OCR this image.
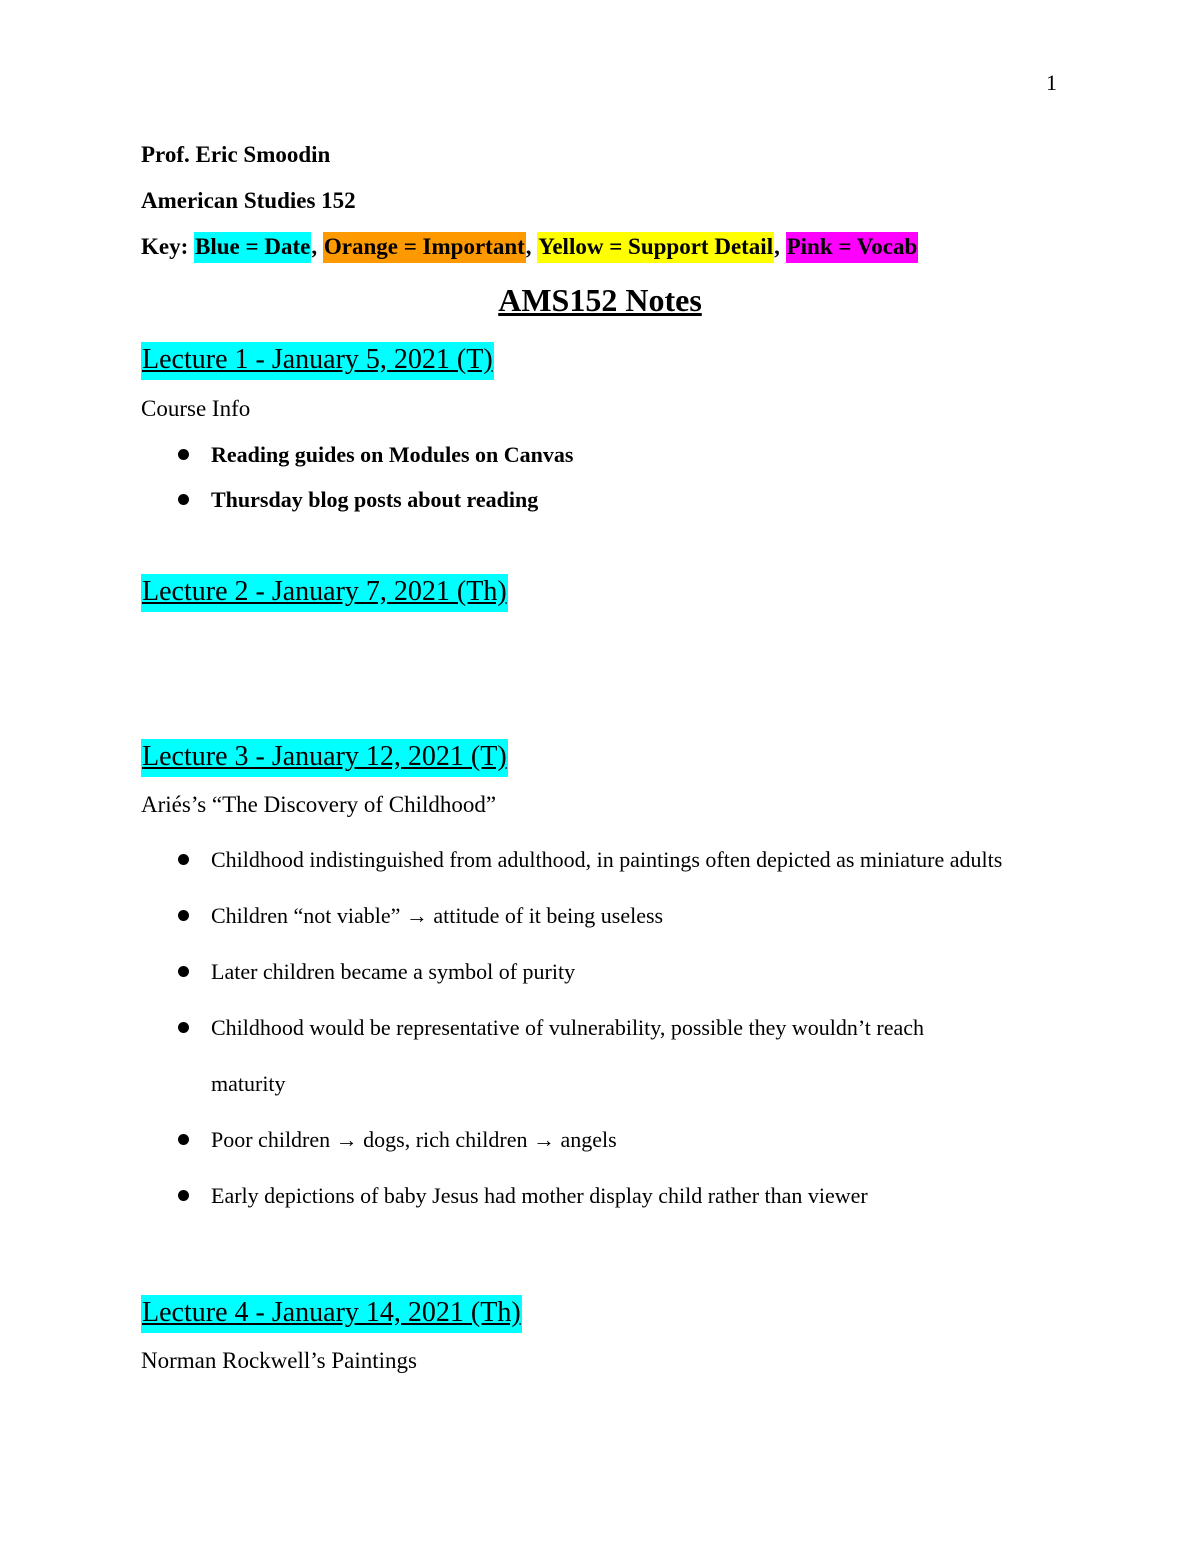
1
Prof. Eric Smoodin
American Studies 152
Key: Blue = Date, Orange = Important, Yellow = Support Detail, Pink = Vocab
AMS152 Notes
Lecture 1 - January 5, 2021 (T)
Course Info
Reading guides on Modules on Canvas
Thursday blog posts about reading
Lecture 2 - January 7, 2021 (Th)
Lecture 3 - January 12, 2021 (T)
Ariés’s “The Discovery of Childhood”
Childhood indistinguished from adulthood, in paintings often depicted as miniature adults
Children “not viable” → attitude of it being useless
Later children became a symbol of purity
Childhood would be representative of vulnerability, possible they wouldn’t reach
maturity
Poor children → dogs, rich children → angels
Early depictions of baby Jesus had mother display child rather than viewer
Lecture 4 - January 14, 2021 (Th)
Norman Rockwell’s Paintings
